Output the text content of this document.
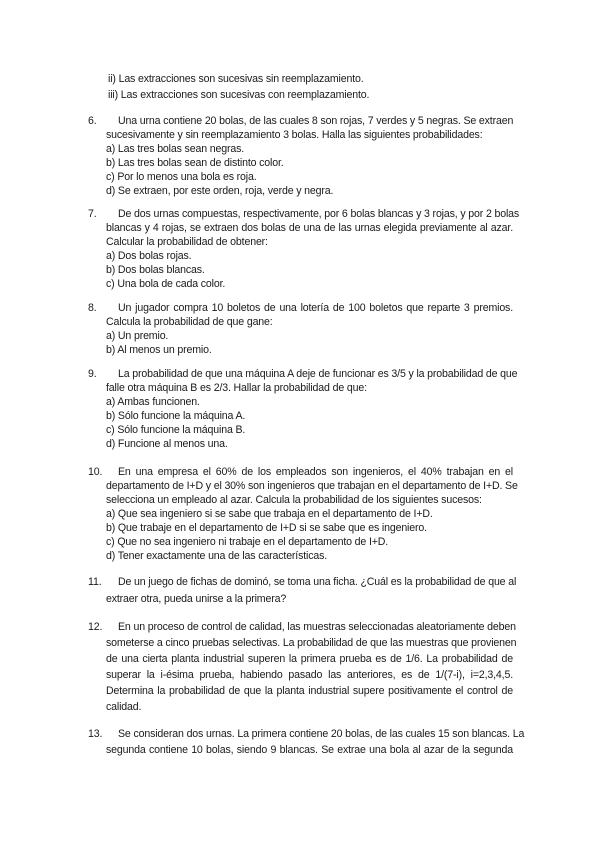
ii) Las extracciones son sucesivas sin reemplazamiento.
iii) Las extracciones son sucesivas con reemplazamiento.
6. Una urna contiene 20 bolas, de las cuales 8 son rojas, 7 verdes y 5 negras. Se extraen
sucesivamente y sin reemplazamiento 3 bolas. Halla las siguientes probabilidades:
a) Las tres bolas sean negras.
b) Las tres bolas sean de distinto color.
c) Por lo menos una bola es roja.
d) Se extraen, por este orden, roja, verde y negra.
7. De dos urnas compuestas, respectivamente, por 6 bolas blancas y 3 rojas, y por 2 bolas
blancas y 4 rojas, se extraen dos bolas de una de las urnas elegida previamente al azar.
Calcular la probabilidad de obtener:
a) Dos bolas rojas.
b) Dos bolas blancas.
c) Una bola de cada color.
8. Un jugador compra 10 boletos de una lotería de 100 boletos que reparte 3 premios.
Calcula la probabilidad de que gane:
a) Un premio.
b) Al menos un premio.
9. La probabilidad de que una máquina A deje de funcionar es 3/5 y la probabilidad de que
falle otra máquina B es 2/3. Hallar la probabilidad de que:
a) Ambas funcionen.
b) Sólo funcione la máquina A.
c) Sólo funcione la máquina B.
d) Funcione al menos una.
10. En una empresa el 60% de los empleados son ingenieros, el 40% trabajan en el
departamento de I+D y el 30% son ingenieros que trabajan en el departamento de I+D. Se
selecciona un empleado al azar. Calcula la probabilidad de los siguientes sucesos:
a) Que sea ingeniero si se sabe que trabaja en el departamento de I+D.
b) Que trabaje en el departamento de I+D si se sabe que es ingeniero.
c) Que no sea ingeniero ni trabaje en el departamento de I+D.
d) Tener exactamente una de las características.
11. De un juego de fichas de dominó, se toma una ficha. ¿Cuál es la probabilidad de que al
extraer otra, pueda unirse a la primera?
12. En un proceso de control de calidad, las muestras seleccionadas aleatoriamente deben
someterse a cinco pruebas selectivas. La probabilidad de que las muestras que provienen
de una cierta planta industrial superen la primera prueba es de 1/6. La probabilidad de
superar la i-ésima prueba, habiendo pasado las anteriores, es de 1/(7-i), i=2,3,4,5.
Determina la probabilidad de que la planta industrial supere positivamente el control de
calidad.
13. Se consideran dos urnas. La primera contiene 20 bolas, de las cuales 15 son blancas. La
segunda contiene 10 bolas, siendo 9 blancas. Se extrae una bola al azar de la segunda
